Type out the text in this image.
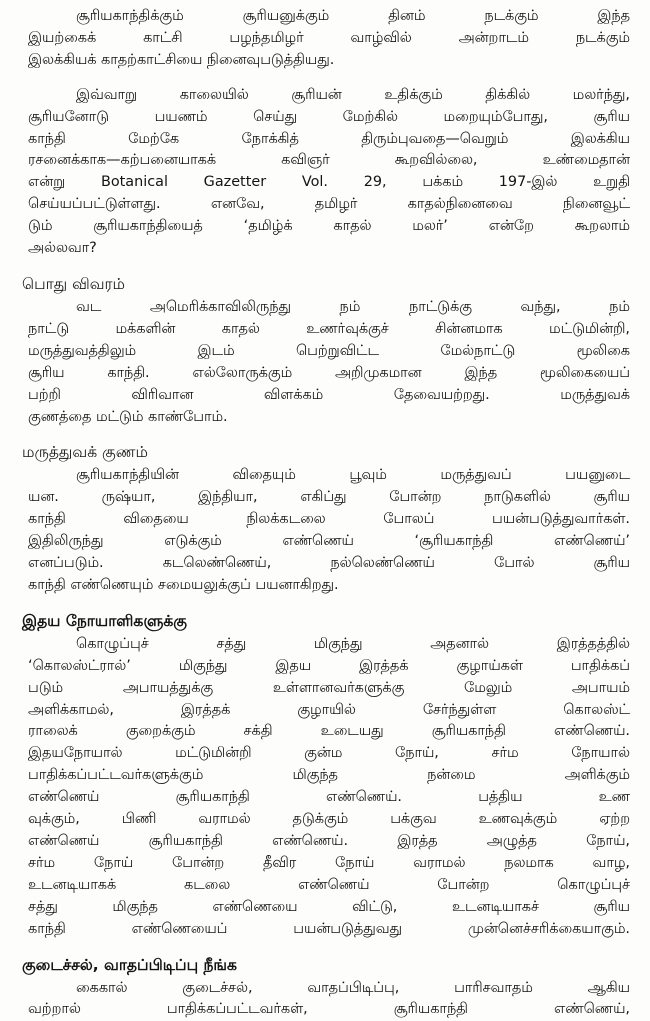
சூரியகாந்திக்கும் சூரியனுக்கும் தினம் நடக்கும் இந்த
இயற்கைக் காட்சி பழந்தமிழர் வாழ்வில் அன்றாடம் நடக்கும்
இலக்கியக் காதற்காட்சியை நினைவுபடுத்தியது.
இவ்வாறு காலையில் சூரியன் உதிக்கும் திக்கில் மலர்ந்து,
சூரியனோடு பயணம் செய்து மேற்கில் மறையும்போது, சூரிய
காந்தி மேற்கே நோக்கித் திரும்புவதை—வெறும் இலக்கிய
ரசனைக்காக—கற்பனையாகக் கவிஞர் கூறவில்லை, உண்மைதான்
என்று Botanical Gazetter Vol. 29, பக்கம் 197-இல் உறுதி
செய்யப்பட்டுள்ளது. எனவே, தமிழர் காதல்நினைவை நினைவூட்
டும் சூரியகாந்தியைத் ‘தமிழ்க் காதல் மலர்’ என்றே கூறலாம்
அல்லவா?
பொது விவரம்
வட அமெரிக்காவிலிருந்து நம் நாட்டுக்கு வந்து, நம்
நாட்டு மக்களின் காதல் உணர்வுக்குச் சின்னமாக மட்டுமின்றி,
மருத்துவத்திலும் இடம் பெற்றுவிட்ட மேல்நாட்டு மூலிகை
சூரிய காந்தி. எல்லோருக்கும் அறிமுகமான இந்த மூலிகையைப்
பற்றி விரிவான விளக்கம் தேவையற்றது. மருத்துவக்
குணத்தை மட்டும் காண்போம்.
மருத்துவக் குணம்
சூரியகாந்தியின் விதையும் பூவும் மருத்துவப் பயனுடை
யன. ருஷ்யா, இந்தியா, எகிப்து போன்ற நாடுகளில் சூரிய
காந்தி விதையை நிலக்கடலை போலப் பயன்படுத்துவார்கள்.
இதிலிருந்து எடுக்கும் எண்ணெய் ‘சூரியகாந்தி எண்ணெய்’
எனப்படும். கடலெண்ணெய், நல்லெண்ணெய் போல் சூரிய
காந்தி எண்ணெயும் சமையலுக்குப் பயனாகிறது.
இதய நோயாளிகளுக்கு
கொழுப்புச் சத்து மிகுந்து அதனால் இரத்தத்தில்
‘கொலஸ்ட்ரால்’ மிகுந்து இதய இரத்தக் குழாய்கள் பாதிக்கப்
படும் அபாயத்துக்கு உள்ளானவர்களுக்கு மேலும் அபாயம்
அளிக்காமல், இரத்தக் குழாயில் சேர்ந்துள்ள கொலஸ்ட்
ராலைக் குறைக்கும் சக்தி உடையது சூரியகாந்தி எண்ணெய்.
இதயநோயால் மட்டுமின்றி குன்ம நோய், சர்ம நோயால்
பாதிக்கப்பட்டவர்களுக்கும் மிகுந்த நன்மை அளிக்கும்
எண்ணெய் சூரியகாந்தி எண்ணெய். பத்திய உண
வுக்கும், பிணி வராமல் தடுக்கும் பக்குவ உணவுக்கும் ஏற்ற
எண்ணெய் சூரியகாந்தி எண்ணெய். இரத்த அழுத்த நோய்,
சர்ம நோய் போன்ற தீவிர நோய் வராமல் நலமாக வாழ,
உடனடியாகக் கடலை எண்ணெய் போன்ற கொழுப்புச்
சத்து மிகுந்த எண்ணெயை விட்டு, உடனடியாகச் சூரிய
காந்தி எண்ணெயைப் பயன்படுத்துவது முன்னெச்சரிக்கையாகும்.
குடைச்சல், வாதப்பிடிப்பு நீங்க
கைகால் குடைச்சல், வாதப்பிடிப்பு, பாரிசவாதம் ஆகிய
வற்றால் பாதிக்கப்பட்டவர்கள், சூரியகாந்தி எண்ணெய்,
